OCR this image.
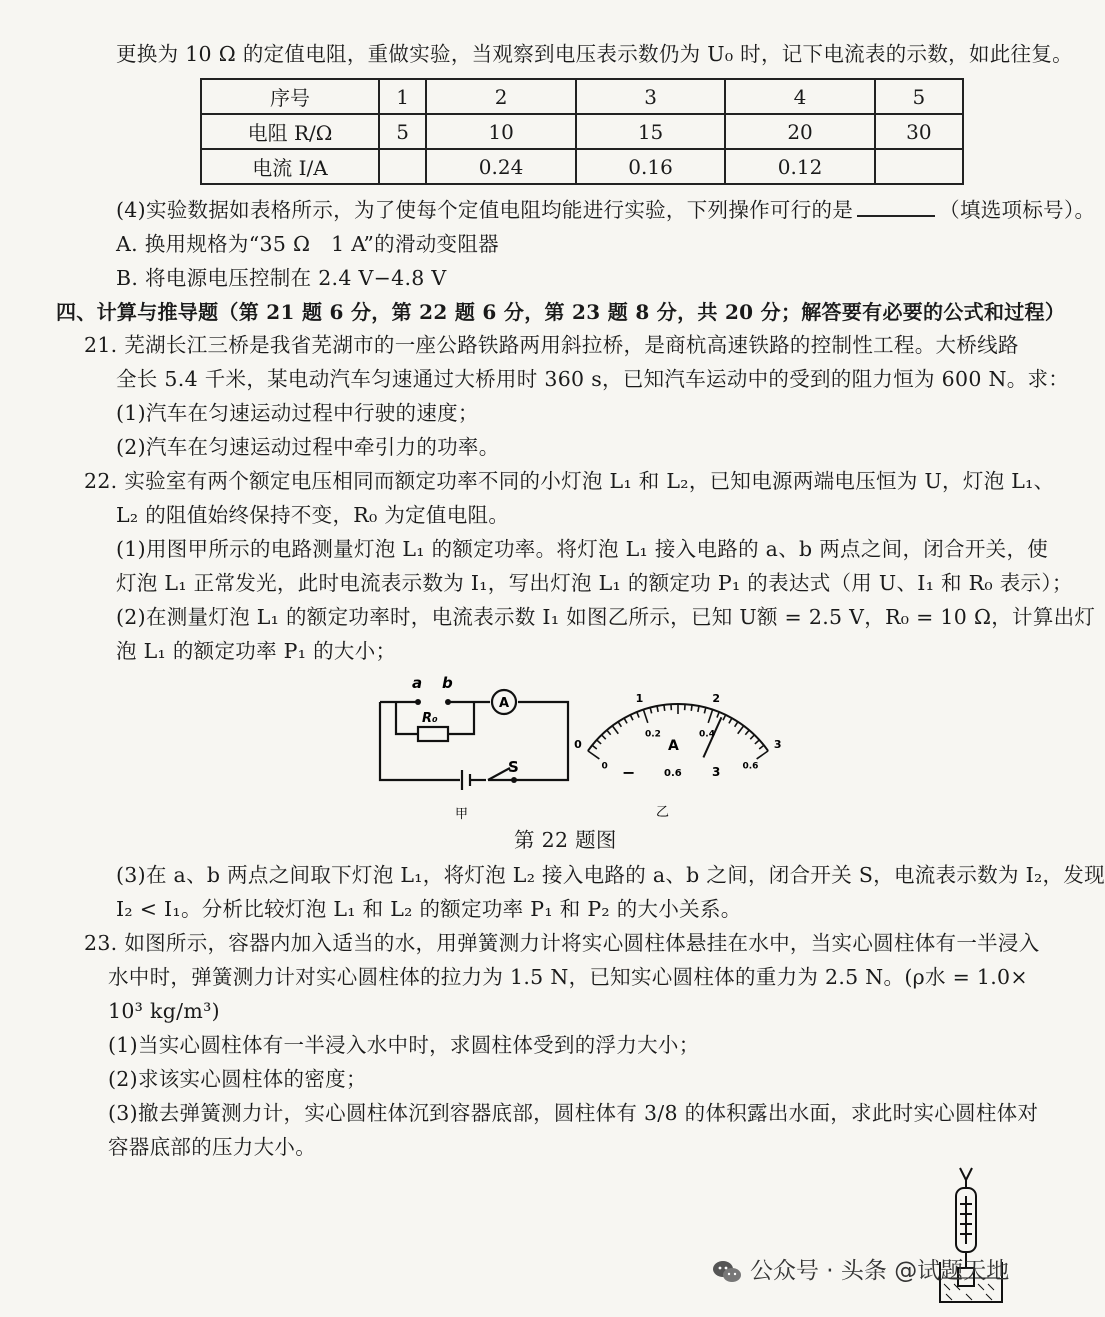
更换为 10 Ω 的定值电阻，重做实验，当观察到电压表示数仍为 U₀ 时，记下电流表的示数，如此往复。
序号	1	2	3	4	5
电阻 R/Ω	5	10	15	20	30
电流 I/A		0.24	0.16	0.12	
(4)实验数据如表格所示，为了使每个定值电阻均能进行实验，下列操作可行的是	（填选项标号）。
A. 换用规格为“35 Ω　1 A”的滑动变阻器
B. 将电源电压控制在 2.4 V−4.8 V
四、计算与推导题（第 21 题 6 分，第 22 题 6 分，第 23 题 8 分，共 20 分；解答要有必要的公式和过程）
21. 芜湖长江三桥是我省芜湖市的一座公路铁路两用斜拉桥，是商杭高速铁路的控制性工程。大桥线路
全长 5.4 千米，某电动汽车匀速通过大桥用时 360 s，已知汽车运动中的受到的阻力恒为 600 N。求：
(1)汽车在匀速运动过程中行驶的速度；
(2)汽车在匀速运动过程中牵引力的功率。
22. 实验室有两个额定电压相同而额定功率不同的小灯泡 L₁ 和 L₂，已知电源两端电压恒为 U，灯泡 L₁、
L₂ 的阻值始终保持不变，R₀ 为定值电阻。
(1)用图甲所示的电路测量灯泡 L₁ 的额定功率。将灯泡 L₁ 接入电路的 a、b 两点之间，闭合开关，使
灯泡 L₁ 正常发光，此时电流表示数为 I₁，写出灯泡 L₁ 的额定功 P₁ 的表达式（用 U、I₁ 和 R₀ 表示）；
(2)在测量灯泡 L₁ 的额定功率时，电流表示数 I₁ 如图乙所示，已知 U额 = 2.5 V，R₀ = 10 Ω，计算出灯
泡 L₁ 的额定功率 P₁ 的大小；
a b
R₀
A
S
甲
0
1	2
3
0
0.2	0.4
0.6
A
−	0.6	3
乙
第 22 题图
(3)在 a、b 两点之间取下灯泡 L₁，将灯泡 L₂ 接入电路的 a、b 之间，闭合开关 S，电流表示数为 I₂，发现
I₂ < I₁。分析比较灯泡 L₁ 和 L₂ 的额定功率 P₁ 和 P₂ 的大小关系。
23. 如图所示，容器内加入适当的水，用弹簧测力计将实心圆柱体悬挂在水中，当实心圆柱体有一半浸入
水中时，弹簧测力计对实心圆柱体的拉力为 1.5 N，已知实心圆柱体的重力为 2.5 N。(ρ水 = 1.0×
10³ kg/m³)
(1)当实心圆柱体有一半浸入水中时，求圆柱体受到的浮力大小；
(2)求该实心圆柱体的密度；
(3)撤去弹簧测力计，实心圆柱体沉到容器底部，圆柱体有 3/8 的体积露出水面，求此时实心圆柱体对
容器底部的压力大小。
公众号 · 头条 @试题天地
